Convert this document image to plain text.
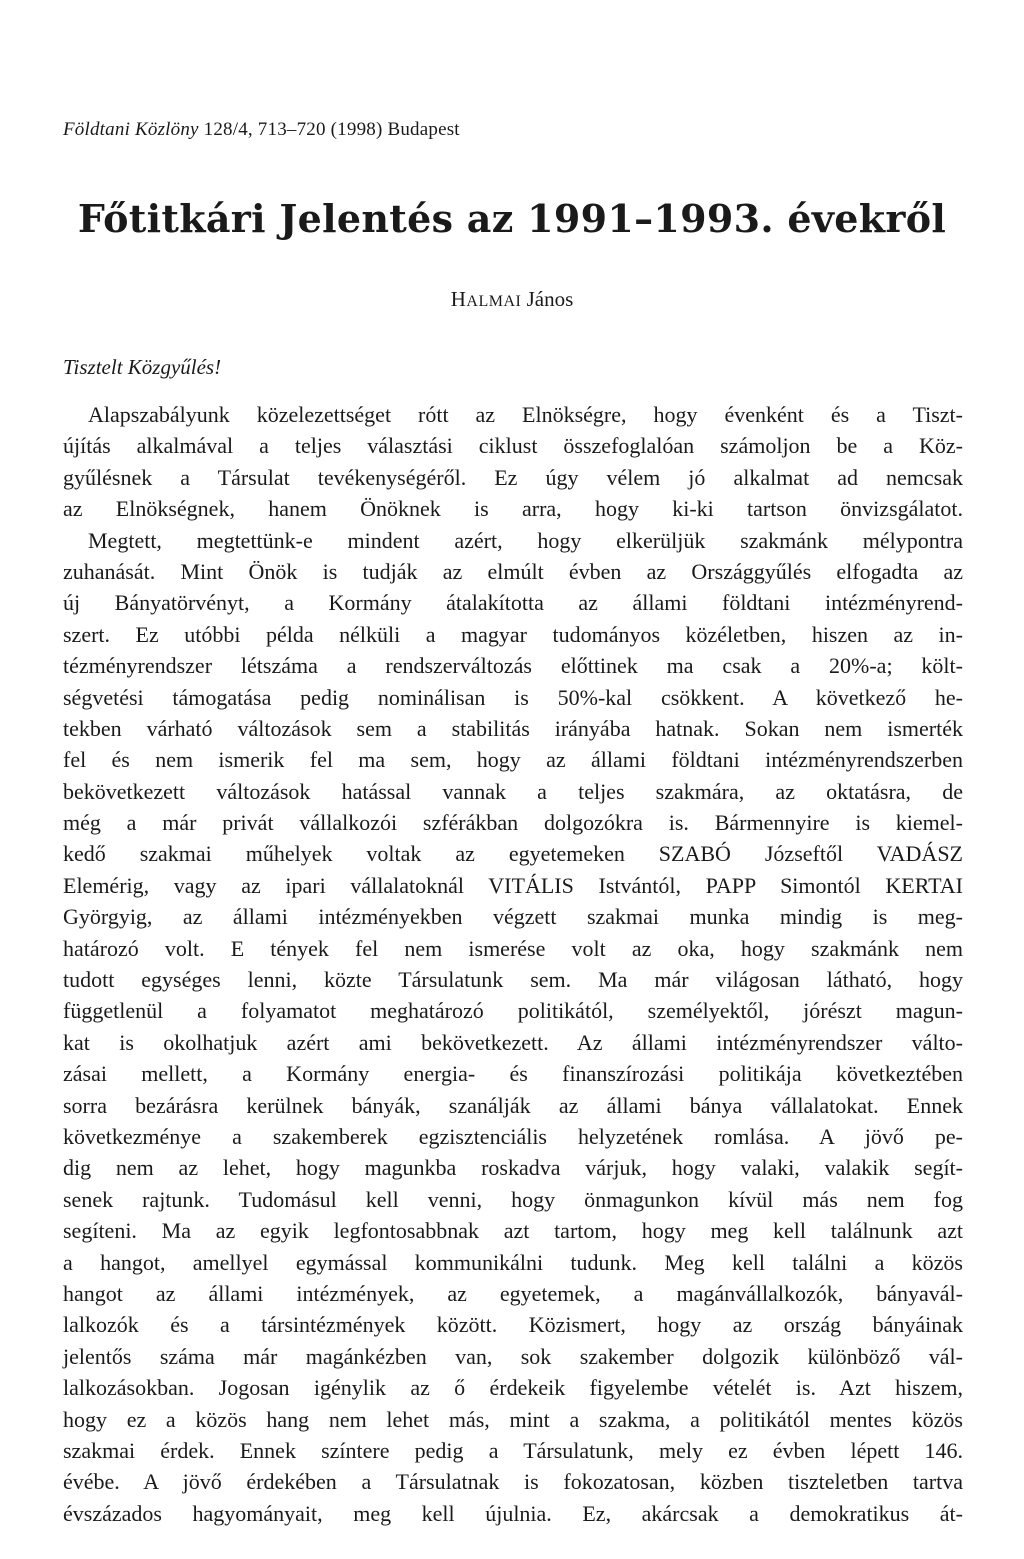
Földtani Közlöny 128/4, 713–720 (1998) Budapest
Főtitkári Jelentés az 1991–1993. évekről
HALMAI János
Tisztelt Közgyűlés!
Alapszabályunk közelezettséget rótt az Elnökségre, hogy évenként és a Tiszt-
újítás alkalmával a teljes választási ciklust összefoglalóan számoljon be a Köz-
gyűlésnek a Társulat tevékenységéről. Ez úgy vélem jó alkalmat ad nemcsak
az Elnökségnek, hanem Önöknek is arra, hogy ki-ki tartson önvizsgálatot.
Megtett, megtettünk-e mindent azért, hogy elkerüljük szakmánk mélypontra
zuhanását. Mint Önök is tudják az elmúlt évben az Országgyűlés elfogadta az
új Bányatörvényt, a Kormány átalakította az állami földtani intézményrend-
szert. Ez utóbbi példa nélküli a magyar tudományos közéletben, hiszen az in-
tézményrendszer létszáma a rendszerváltozás előttinek ma csak a 20%-a; költ-
ségvetési támogatása pedig nominálisan is 50%-kal csökkent. A következő he-
tekben várható változások sem a stabilitás irányába hatnak. Sokan nem ismerték
fel és nem ismerik fel ma sem, hogy az állami földtani intézményrendszerben
bekövetkezett változások hatással vannak a teljes szakmára, az oktatásra, de
még a már privát vállalkozói szférákban dolgozókra is. Bármennyire is kiemel-
kedő szakmai műhelyek voltak az egyetemeken SZABÓ Józseftől VADÁSZ
Elemérig, vagy az ipari vállalatoknál VITÁLIS Istvántól, PAPP Simontól KERTAI
Györgyig, az állami intézményekben végzett szakmai munka mindig is meg-
határozó volt. E tények fel nem ismerése volt az oka, hogy szakmánk nem
tudott egységes lenni, közte Társulatunk sem. Ma már világosan látható, hogy
függetlenül a folyamatot meghatározó politikától, személyektől, jórészt magun-
kat is okolhatjuk azért ami bekövetkezett. Az állami intézményrendszer válto-
zásai mellett, a Kormány energia- és finanszírozási politikája következtében
sorra bezárásra kerülnek bányák, szanálják az állami bánya vállalatokat. Ennek
következménye a szakemberek egzisztenciális helyzetének romlása. A jövő pe-
dig nem az lehet, hogy magunkba roskadva várjuk, hogy valaki, valakik segít-
senek rajtunk. Tudomásul kell venni, hogy önmagunkon kívül más nem fog
segíteni. Ma az egyik legfontosabbnak azt tartom, hogy meg kell találnunk azt
a hangot, amellyel egymással kommunikálni tudunk. Meg kell találni a közös
hangot az állami intézmények, az egyetemek, a magánvállalkozók, bányavál-
lalkozók és a társintézmények között. Közismert, hogy az ország bányáinak
jelentős száma már magánkézben van, sok szakember dolgozik különböző vál-
lalkozásokban. Jogosan igénylik az ő érdekeik figyelembe vételét is. Azt hiszem,
hogy ez a közös hang nem lehet más, mint a szakma, a politikától mentes közös
szakmai érdek. Ennek színtere pedig a Társulatunk, mely ez évben lépett 146.
évébe. A jövő érdekében a Társulatnak is fokozatosan, közben tiszteletben tartva
évszázados hagyományait, meg kell újulnia. Ez, akárcsak a demokratikus át-
